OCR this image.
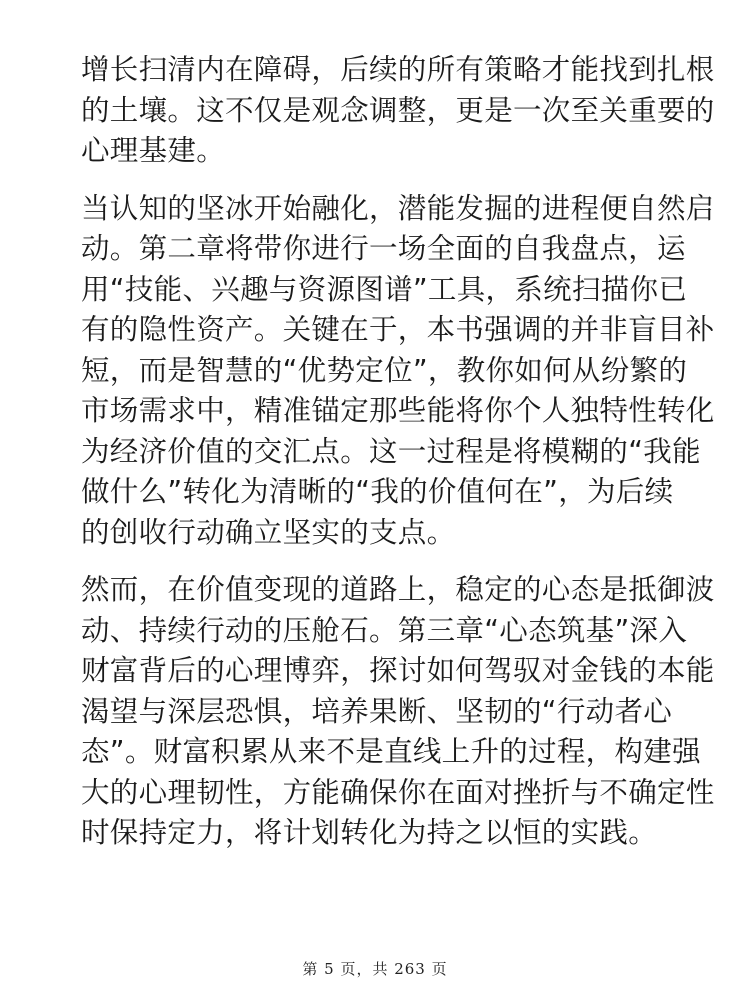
增长扫清内在障碍，后续的所有策略才能找到扎根
的土壤。这不仅是观念调整，更是一次至关重要的
心理基建。

当认知的坚冰开始融化，潜能发掘的进程便自然启
动。第二章将带你进行一场全面的自我盘点，运
用“技能、兴趣与资源图谱”工具，系统扫描你已
有的隐性资产。关键在于，本书强调的并非盲目补
短，而是智慧的“优势定位”，教你如何从纷繁的
市场需求中，精准锚定那些能将你个人独特性转化
为经济价值的交汇点。这一过程是将模糊的“我能
做什么”转化为清晰的“我的价值何在”，为后续
的创收行动确立坚实的支点。

然而，在价值变现的道路上，稳定的心态是抵御波
动、持续行动的压舱石。第三章“心态筑基”深入
财富背后的心理博弈，探讨如何驾驭对金钱的本能
渴望与深层恐惧，培养果断、坚韧的“行动者心
态”。财富积累从来不是直线上升的过程，构建强
大的心理韧性，方能确保你在面对挫折与不确定性
时保持定力，将计划转化为持之以恒的实践。

第 5 页，共 263 页
